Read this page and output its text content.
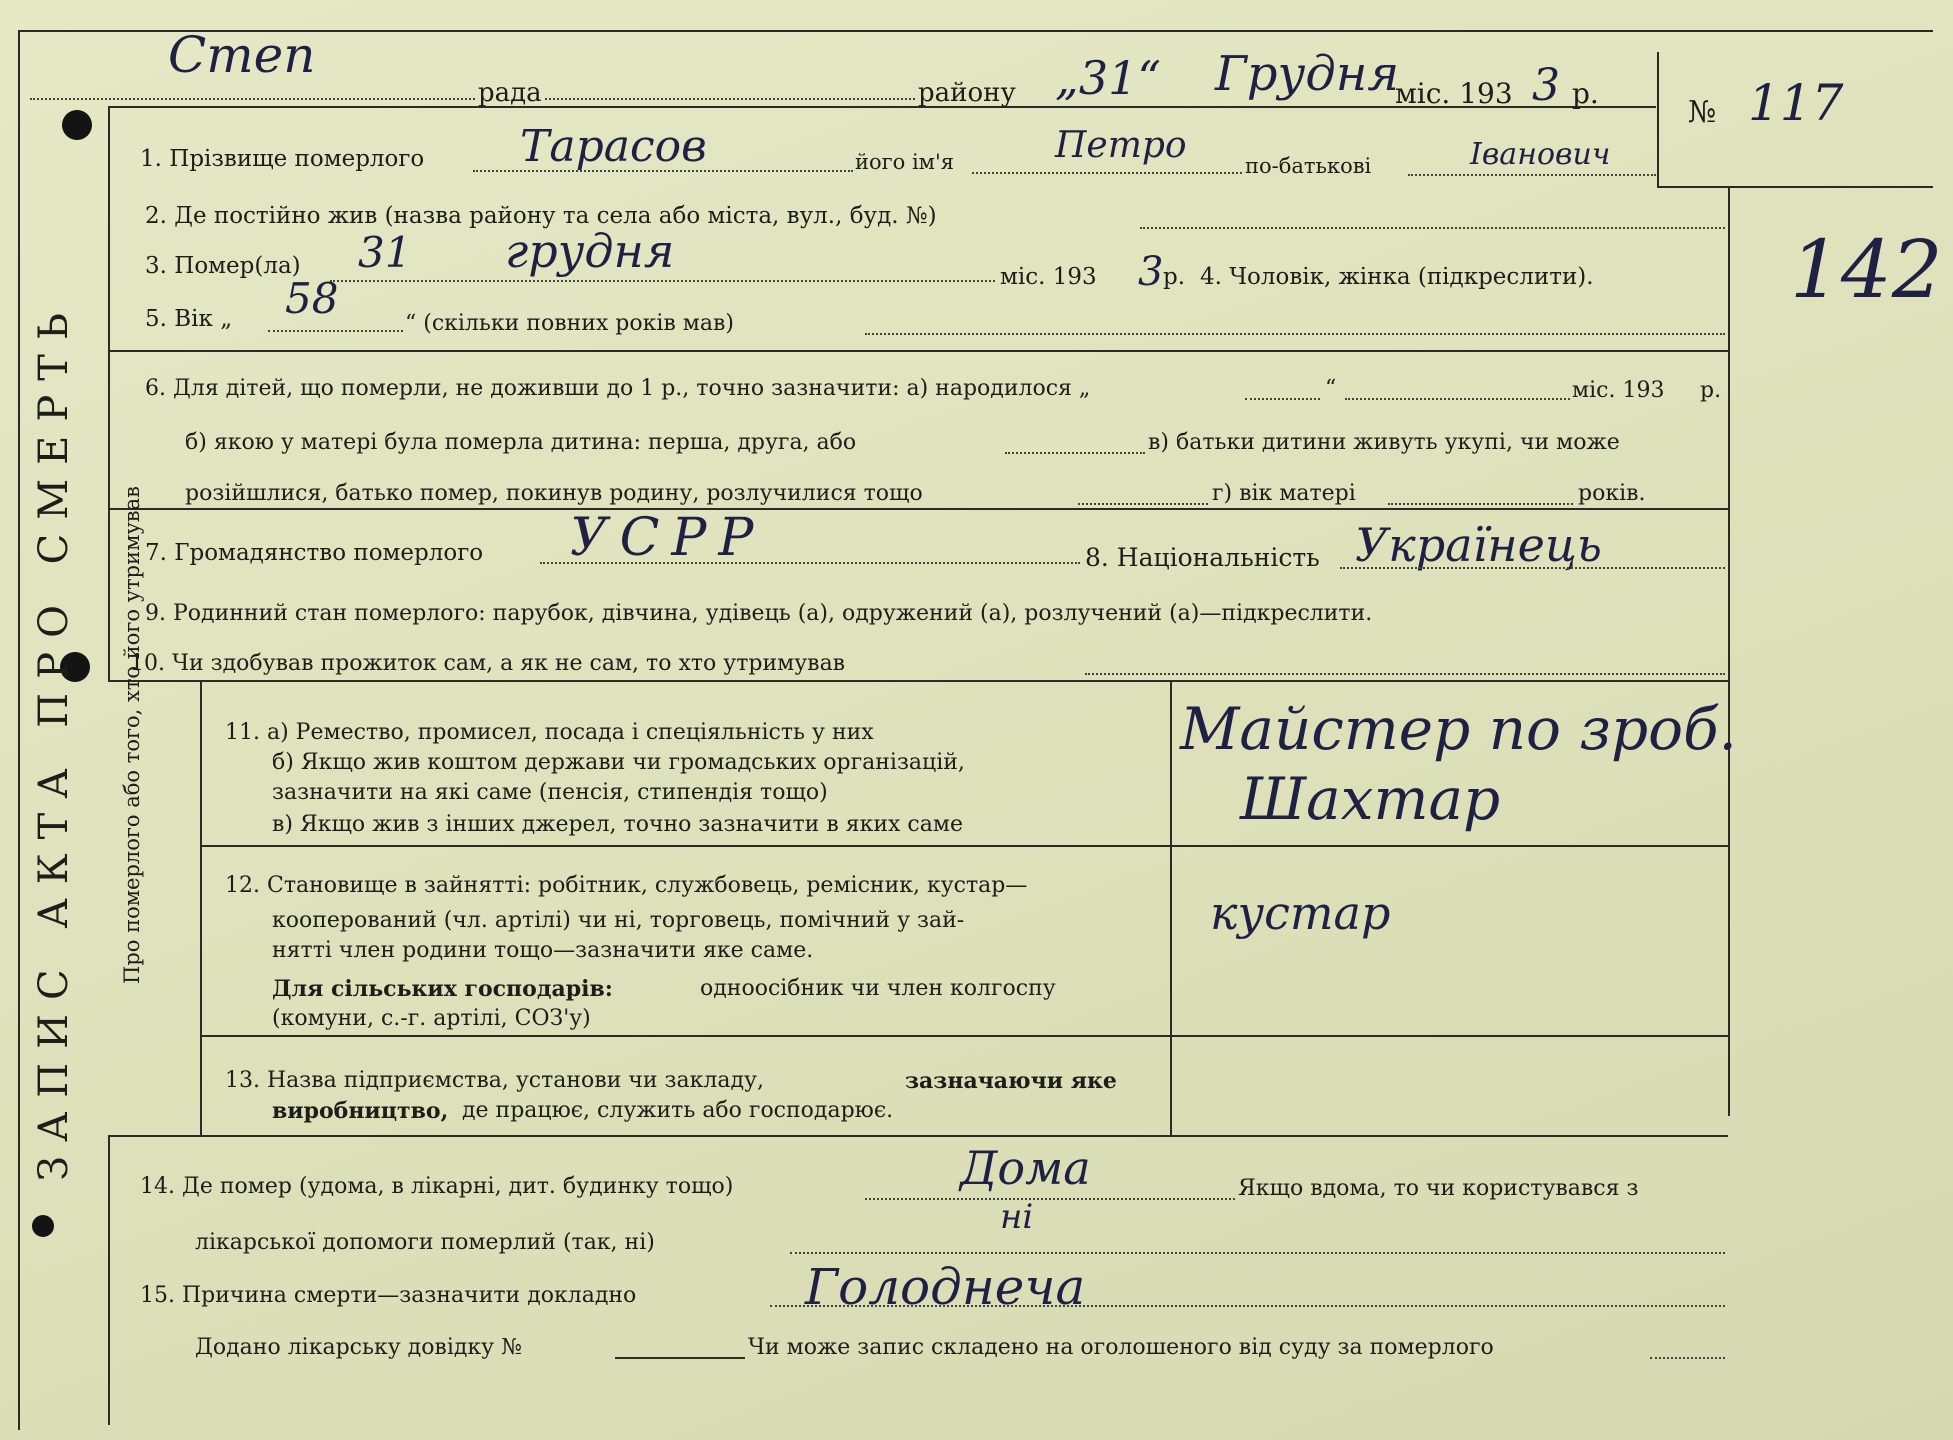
ЗАПИС АКТА ПРО СМЕРТЬ Про померлого або того, хто його утримував
Степ
рада	району „31“ Грудня
міс. 193 3 р.
№ 117
1. Прізвище померлого Тарасов	його ім'я	Петро	по-батькові	Іванович
2. Де постійно жив (назва району та села або міста, вул., буд. №)
3. Помер(ла) 31 грудня	міс. 193 3 р. 4. Чоловік, жінка (підкреслити). 142
5. Вік „ 58
“ (скільки повних років мав)
6. Для дітей, що померли, не доживши до 1 р., точно зазначити: а) народилося „	“	міс. 193 р.
б) якою у матері була померла дитина: перша, друга, або	в) батьки дитини живуть укупі, чи може
розійшлися, батько помер, покинув родину, розлучилися тощо	г) вік матері	років.
7. Громадянство померлого УСРР	8. Національність Українець
9. Родинний стан померлого: парубок, дівчина, удівець (а), одружений (а), розлучений (а)—підкреслити.
10. Чи здобував прожиток сам, а як не сам, то хто утримував
11. а) Ремество, промисел, посада і спеціяльність у них
б) Якщо жив коштом держави чи громадських організацій,
зазначити на які саме (пенсія, стипендія тощо)
в) Якщо жив з інших джерел, точно зазначити в яких саме
Майстер по зроб.
Шахтар
12. Становище в зайнятті: робітник, службовець, ремісник, кустар—
кооперований (чл. артілі) чи ні, торговець, помічний у зай-
нятті член родини тощо—зазначити яке саме.
Для сільських господарів:	одноосібник чи член колгоспу
(комуни, с.-г. артілі, СОЗ'у)
кустар
13. Назва підприємства, установи чи закладу,	зазначаючи яке
виробництво, де працює, служить або господарює.
14. Де помер (удома, в лікарні, дит. будинку тощо)	Дома	Якщо вдома, то чи користувався з
лікарської допомоги померлий (так, ні)
ні
15. Причина смерти—зазначити докладно	Голоднеча
Додано лікарську довідку №	Чи може запис складено на оголошеного від суду за померлого
